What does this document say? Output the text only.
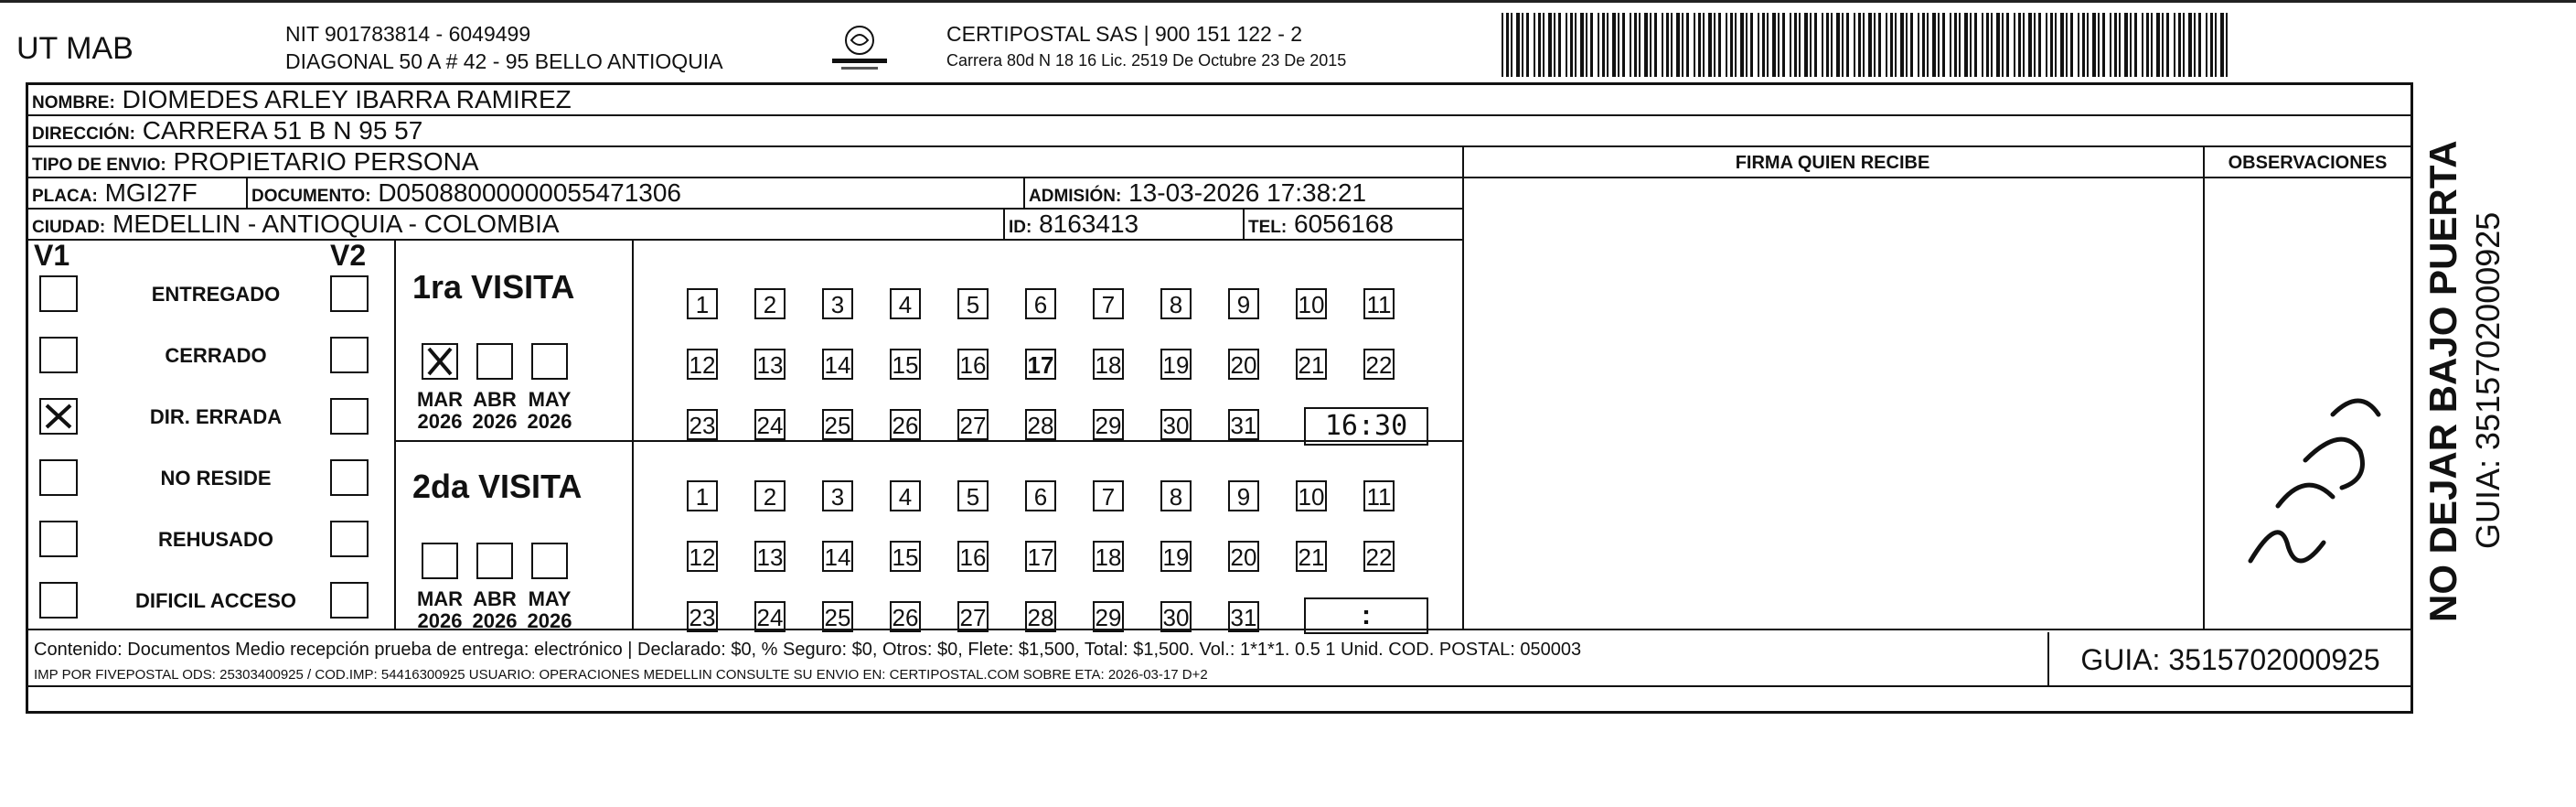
UT MAB	NIT 901783814 - 6049499
DIAGONAL 50 A # 42 - 95 BELLO ANTIOQUIA
CERTIPOSTAL SAS | 900 151 122 - 2
Carrera 80d N 18 16 Lic. 2519 De Octubre 23 De 2015
NOMBRE: DIOMEDES ARLEY IBARRA RAMIREZ
DIRECCIÓN: CARRERA 51 B N 95 57
TIPO DE ENVIO: PROPIETARIO PERSONA
PLACA: MGI27F	DOCUMENTO: D05088000000055471306	ADMISIÓN: 13-03-2026 17:38:21
CIUDAD: MEDELLIN - ANTIOQUIA - COLOMBIA	ID: 8163413	TEL: 6056168
FIRMA QUIEN RECIBE	OBSERVACIONES
V1	V2
ENTREGADO
CERRADO
DIR. ERRADA
NO RESIDE
REHUSADO
DIFICIL ACCESO
1ra VISITA
2da VISITA
MAR
2026
ABR
2026
MAY
2026
MAR
2026
ABR
2026
MAY
2026
1	2	3	4	5	6	7	8	9	10 11
12 13 14 15 16 17 18 19 20 21 22
23 24 25 26 27 28 29 30 31
1	2	3	4	5	6	7	8	9	10 11
12 13 14 15 16 17 18 19 20 21 22
23 24 25 26 27 28 29 30 31
16:30
:
Contenido: Documentos Medio recepción prueba de entrega: electrónico | Declarado: $0, % Seguro: $0, Otros: $0, Flete: $1,500, Total: $1,500. Vol.: 1*1*1. 0.5 1 Unid. COD. POSTAL: 050003
IMP POR FIVEPOSTAL ODS: 25303400925 / COD.IMP: 54416300925 USUARIO: OPERACIONES MEDELLIN CONSULTE SU ENVIO EN: CERTIPOSTAL.COM SOBRE ETA: 2026-03-17 D+2	GUIA: 3515702000925
NO DEJAR BAJO PUERTA GUIA: 3515702000925
